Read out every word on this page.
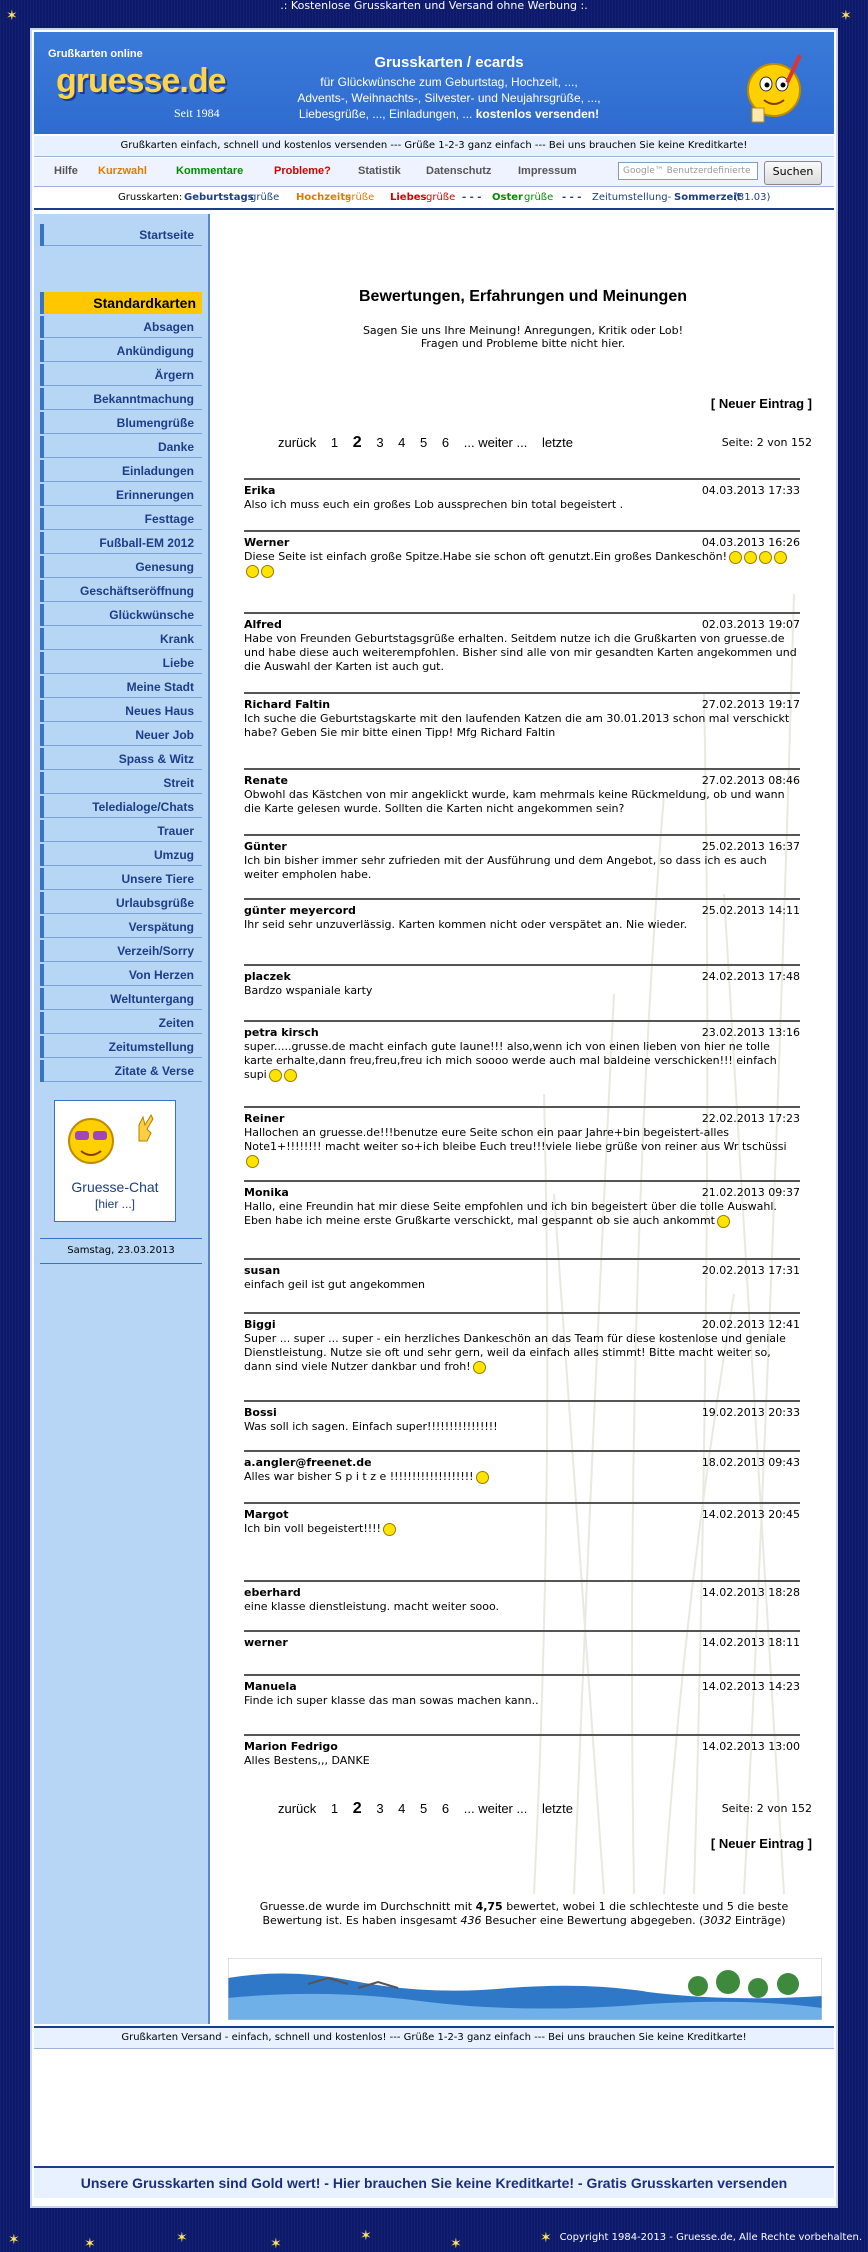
.: Kostenlose Grusskarten und Versand ohne Werbung :.
Grußkarten online
gruesse.de
Seit 1984
Grusskarten / ecards
für Glückwünsche zum Geburtstag, Hochzeit, ...,
Advents-, Weihnachts-, Silvester- und Neujahrsgrüße, ...,
Liebesgrüße, ..., Einladungen, ... kostenlos versenden!
Grußkarten einfach, schnell und kostenlos versenden --- Grüße 1-2-3 ganz einfach --- Bei uns brauchen Sie keine Kreditkarte!
Hilfe Kurzwahl	Kommentare	Probleme? Statistik Datenschutz Impressum	Google™ Benutzerdefinierte	Suchen
Grusskarten: Geburtstags
grüße Hochzeits
grüße Liebes grüße - - - Oster grüße - - - Zeitumstellung- Sommerzeit
(31.03)
Startseite
Standardkarten
Absagen
Ankündigung
Ärgern
Bekanntmachung
Blumengrüße
Danke
Einladungen
Erinnerungen
Festtage
Fußball-EM 2012
Genesung
Geschäftseröffnung
Glückwünsche
Krank
Liebe
Meine Stadt
Neues Haus
Neuer Job
Spass & Witz
Streit
Teledialoge/Chats
Trauer
Umzug
Unsere Tiere
Urlaubsgrüße
Verspätung
Verzeih/Sorry
Von Herzen
Weltuntergang
Zeiten
Zeitumstellung
Zitate & Verse
Gruesse-Chat
[hier ...]
Samstag, 23.03.2013
Bewertungen, Erfahrungen und Meinungen
Sagen Sie uns Ihre Meinung! Anregungen, Kritik oder Lob!
Fragen und Probleme bitte nicht hier.
[ Neuer Eintrag ]
zurück 1 2 3 4 5 6 ... weiter ... letzte	Seite: 2 von 152
Erika	04.03.2013 17:33
Also ich muss euch ein großes Lob aussprechen bin total begeistert .
Werner	04.03.2013 16:26
Diese Seite ist einfach große Spitze.Habe sie schon oft genutzt.Ein großes Dankeschön!
Alfred	02.03.2013 19:07
Habe von Freunden Geburtstagsgrüße erhalten. Seitdem nutze ich die Grußkarten von gruesse.de und habe diese auch weiterempfohlen. Bisher sind alle von mir gesandten Karten angekommen und die Auswahl der Karten ist auch gut.
Richard Faltin	27.02.2013 19:17
Ich suche die Geburtstagskarte mit den laufenden Katzen die am 30.01.2013 schon mal verschickt habe? Geben Sie mir bitte einen Tipp! Mfg Richard Faltin
Renate	27.02.2013 08:46
Obwohl das Kästchen von mir angeklickt wurde, kam mehrmals keine Rückmeldung, ob und wann die Karte gelesen wurde. Sollten die Karten nicht angekommen sein?
Günter	25.02.2013 16:37
Ich bin bisher immer sehr zufrieden mit der Ausführung und dem Angebot, so dass ich es auch weiter empholen habe.
günter meyercord	25.02.2013 14:11
Ihr seid sehr unzuverlässig. Karten kommen nicht oder verspätet an. Nie wieder.
placzek	24.02.2013 17:48
Bardzo wspaniale karty
petra kirsch	23.02.2013 13:16
super.....grusse.de macht einfach gute laune!!! also,wenn ich von einen lieben von hier ne tolle karte erhalte,dann freu,freu,freu ich mich soooo werde auch mal baldeine verschicken!!! einfach supi
Reiner	22.02.2013 17:23
Hallochen an gruesse.de!!!benutze eure Seite schon ein paar Jahre+bin begeistert-alles Note1+!!!!!!!! macht weiter so+ich bleibe Euch treu!!!viele liebe grüße von reiner aus Wr tschüssi
Monika	21.02.2013 09:37
Hallo, eine Freundin hat mir diese Seite empfohlen und ich bin begeistert über die tolle Auswahl. Eben habe ich meine erste Grußkarte verschickt, mal gespannt ob sie auch ankommt
susan	20.02.2013 17:31
einfach geil ist gut angekommen
Biggi	20.02.2013 12:41
Super ... super ... super - ein herzliches Dankeschön an das Team für diese kostenlose und geniale Dienstleistung. Nutze sie oft und sehr gern, weil da einfach alles stimmt! Bitte macht weiter so, dann sind viele Nutzer dankbar und froh!
Bossi	19.02.2013 20:33
Was soll ich sagen. Einfach super!!!!!!!!!!!!!!!!
a.angler@freenet.de	18.02.2013 09:43
Alles war bisher S p i t z e !!!!!!!!!!!!!!!!!!!
Margot	14.02.2013 20:45
Ich bin voll begeistert!!!!
eberhard	14.02.2013 18:28
eine klasse dienstleistung. macht weiter sooo.
werner	14.02.2013 18:11
Manuela	14.02.2013 14:23
Finde ich super klasse das man sowas machen kann..
Marion Fedrigo	14.02.2013 13:00
Alles Bestens,,, DANKE
zurück 1 2 3 4 5 6 ... weiter ... letzte	Seite: 2 von 152
[ Neuer Eintrag ]
Gruesse.de wurde im Durchschnitt mit 4,75 bewertet, wobei 1 die schlechteste und 5 die beste Bewertung ist. Es haben insgesamt 436 Besucher eine Bewertung abgegeben. (3032 Einträge)
Grußkarten Versand - einfach, schnell und kostenlos! --- Grüße 1-2-3 ganz einfach --- Bei uns brauchen Sie keine Kreditkarte!
Unsere Grusskarten sind Gold wert! - Hier brauchen Sie keine Kreditkarte! - Gratis Grusskarten versenden
Copyright 1984-2013 - Gruesse.de, Alle Rechte vorbehalten.
✶	✶	✶	✶	✶	✶	✶
✶
✶
